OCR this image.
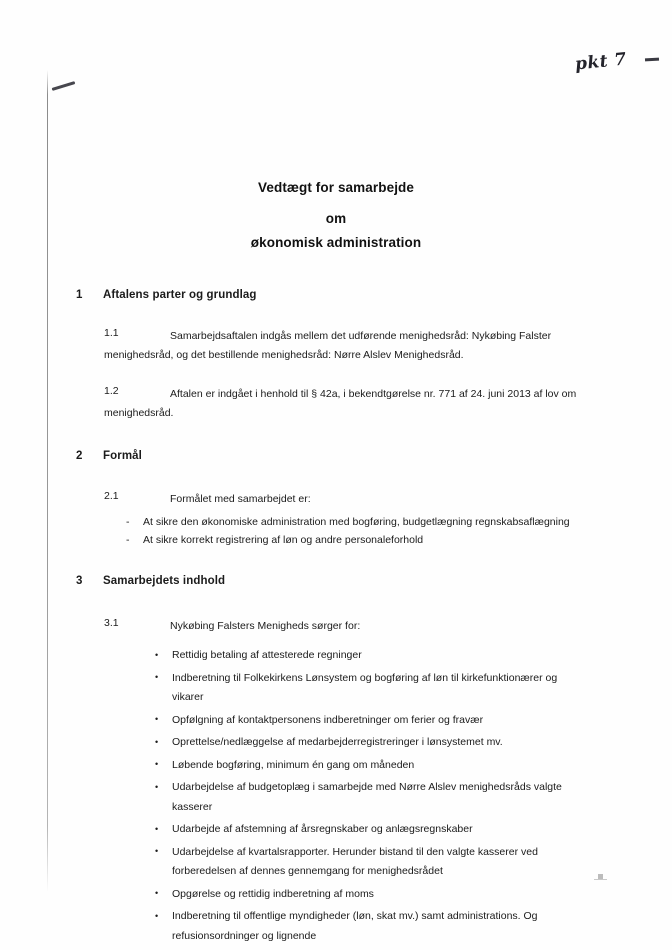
pkt 7
Vedtægt for samarbejde
om
økonomisk administration
1 Aftalens parter og grundlag
1.1	Samarbejdsaftalen indgås mellem det udførende menighedsråd: Nykøbing Falster menighedsråd, og det bestillende menighedsråd: Nørre Alslev Menighedsråd.
1.2	Aftalen er indgået i henhold til § 42a, i bekendtgørelse nr. 771 af 24. juni 2013 af lov om menighedsråd.
2 Formål
2.1	Formålet med samarbejdet er:
- At sikre den økonomiske administration med bogføring, budgetlægning regnskabsaflægning
- At sikre korrekt registrering af løn og andre personaleforhold
3 Samarbejdets indhold
3.1	Nykøbing Falsters Menigheds sørger for:
• Rettidig betaling af attesterede regninger
• Indberetning til Folkekirkens Lønsystem og bogføring af løn til kirkefunktionærer og vikarer
• Opfølgning af kontaktpersonens indberetninger om ferier og fravær
• Oprettelse/nedlæggelse af medarbejderregistreringer i lønsystemet mv.
• Løbende bogføring, minimum én gang om måneden
• Udarbejdelse af budgetoplæg i samarbejde med Nørre Alslev menighedsråds valgte kasserer
• Udarbejde af afstemning af årsregnskaber og anlægsregnskaber
• Udarbejdelse af kvartalsrapporter. Herunder bistand til den valgte kasserer ved forberedelsen af dennes gennemgang for menighedsrådet
• Opgørelse og rettidig indberetning af moms
• Indberetning til offentlige myndigheder (løn, skat mv.) samt administrations. Og refusionsordninger og lignende
